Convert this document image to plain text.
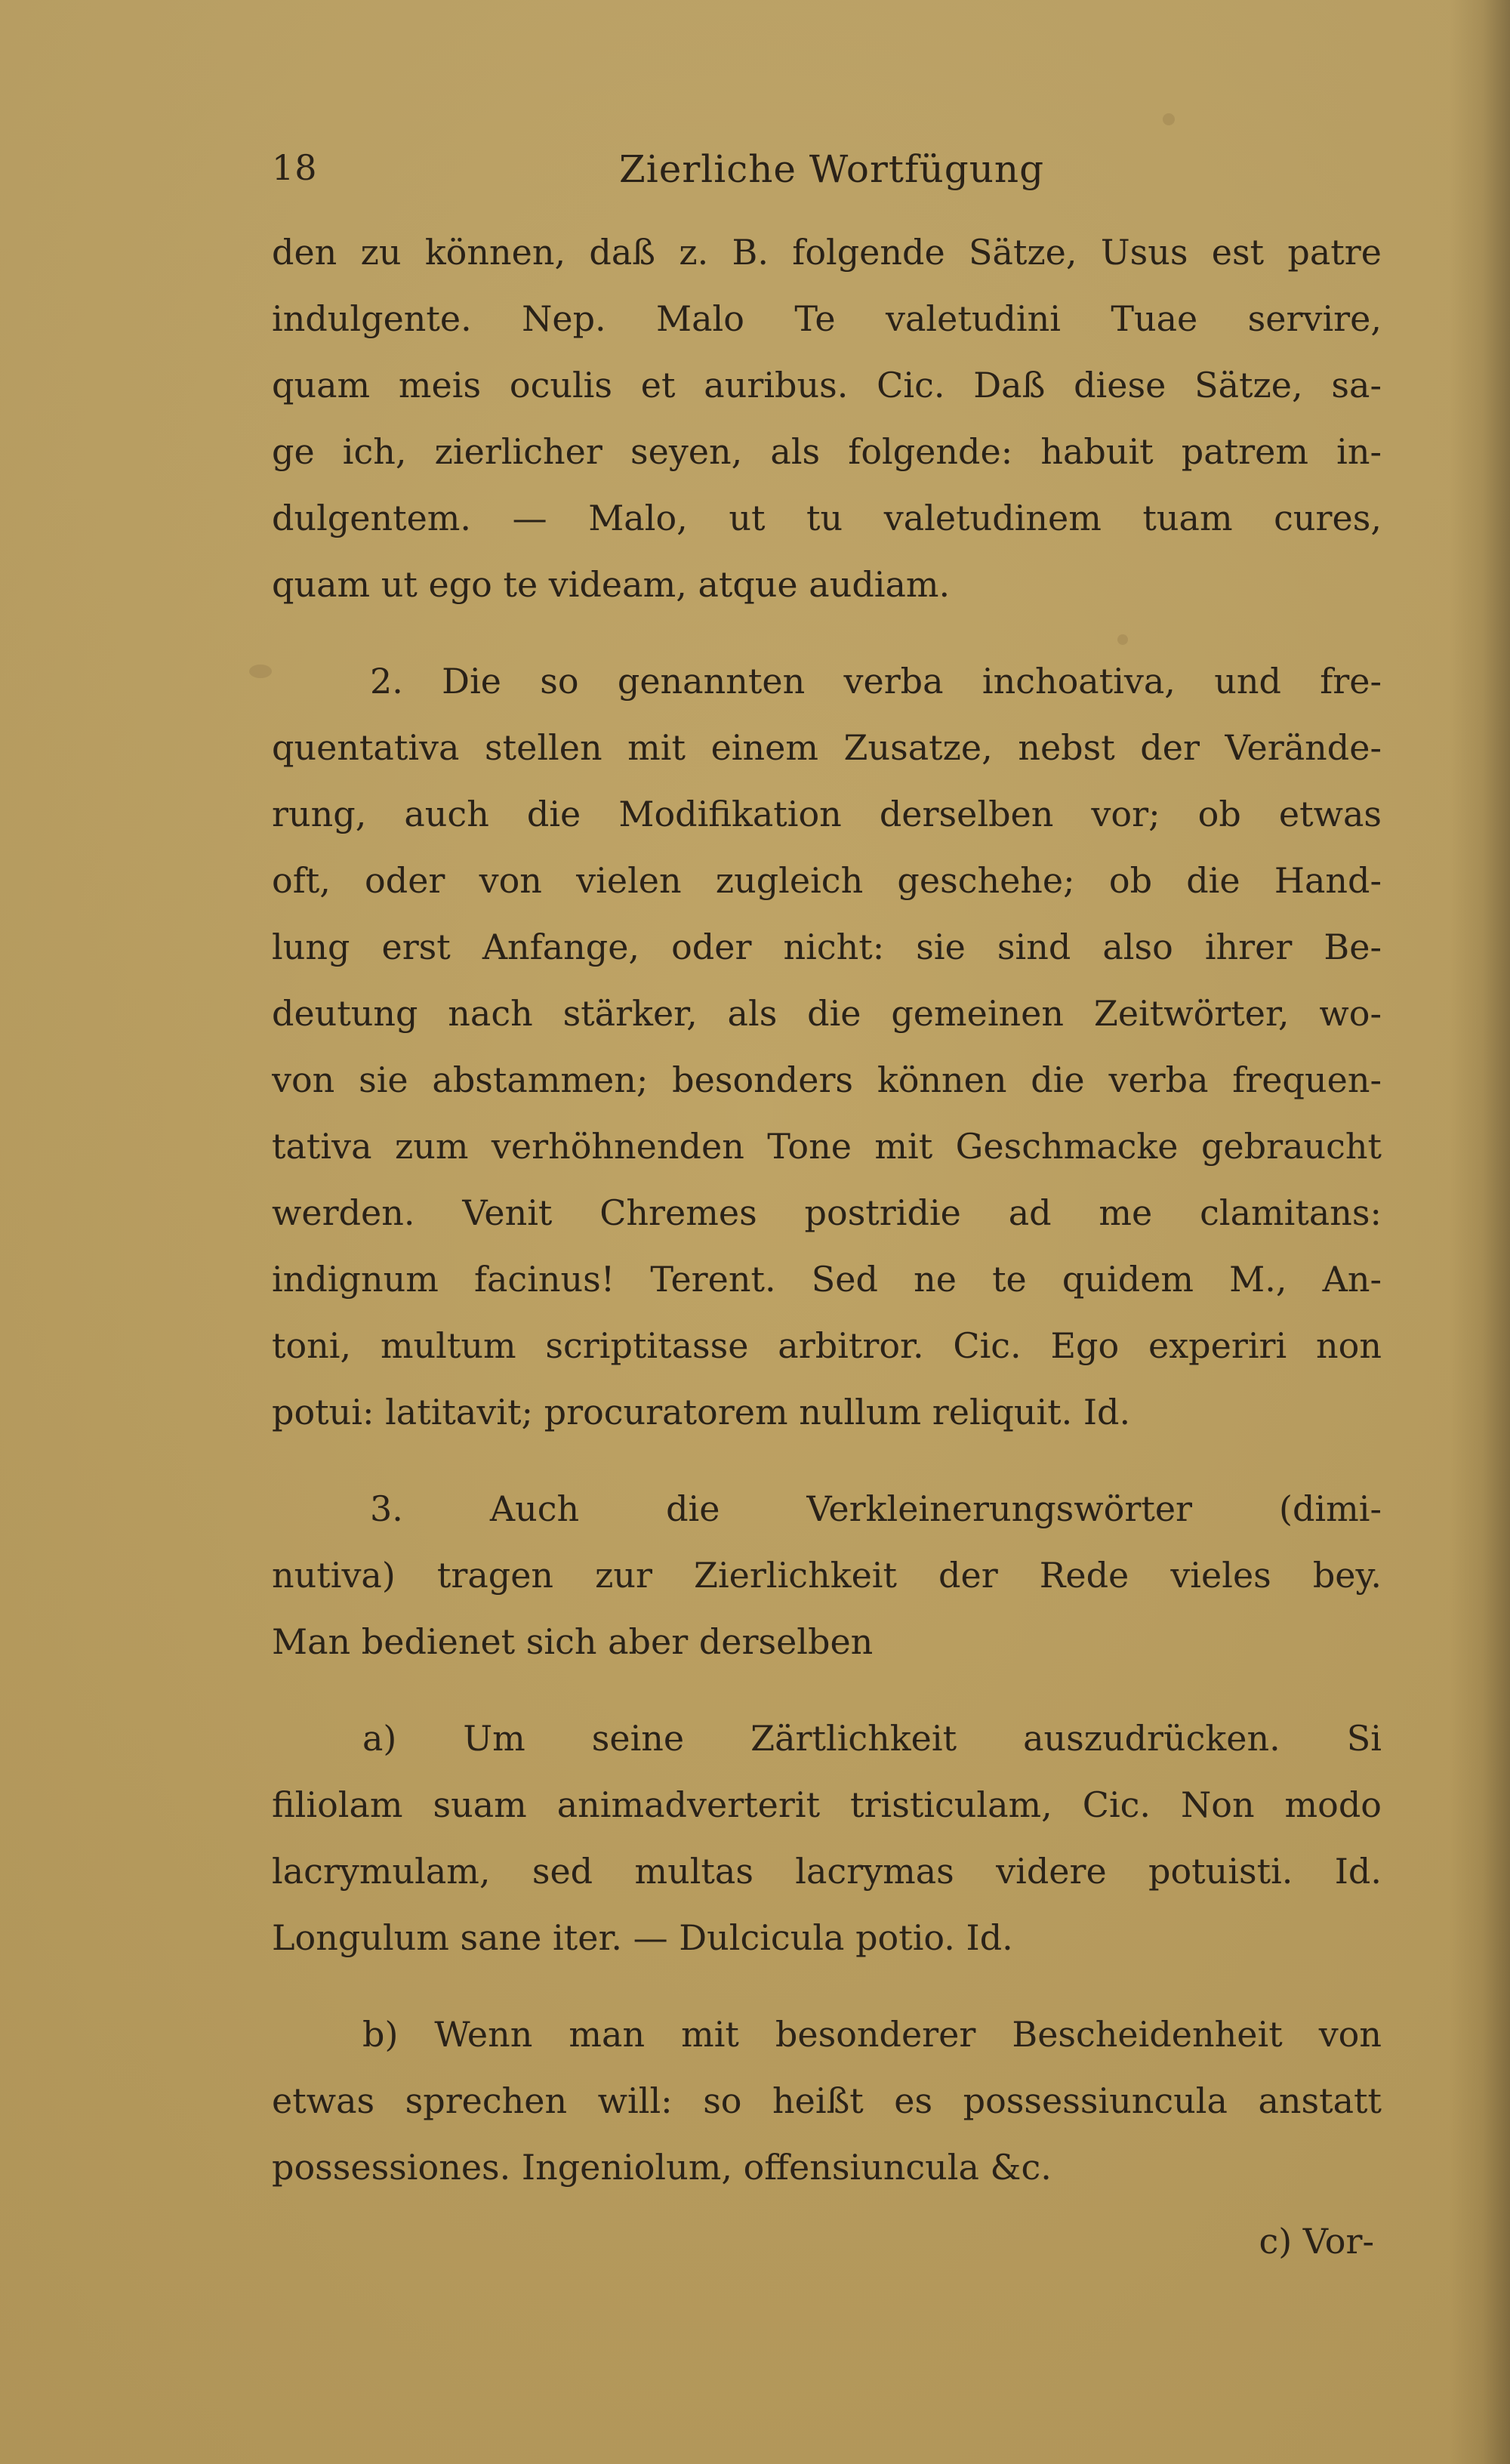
18	Zierliche Wortfügung
den zu können, daß z. B. folgende Sätze, Usus est patre
indulgente. Nep. Malo Te valetudini Tuae servire,
quam meis oculis et auribus. Cic. Daß diese Sätze, sa-
ge ich, zierlicher seyen, als folgende: habuit patrem in-
dulgentem. — Malo, ut tu valetudinem tuam cures,
quam ut ego te videam, atque audiam.
2. Die so genannten verba inchoativa, und fre-
quentativa stellen mit einem Zusatze, nebst der Verände-
rung, auch die Modifikation derselben vor; ob etwas
oft, oder von vielen zugleich geschehe; ob die Hand-
lung erst Anfange, oder nicht: sie sind also ihrer Be-
deutung nach stärker, als die gemeinen Zeitwörter, wo-
von sie abstammen; besonders können die verba frequen-
tativa zum verhöhnenden Tone mit Geschmacke gebraucht
werden. Venit Chremes postridie ad me clamitans:
indignum facinus! Terent. Sed ne te quidem M., An-
toni, multum scriptitasse arbitror. Cic. Ego experiri non
potui: latitavit; procuratorem nullum reliquit. Id.
3. Auch die Verkleinerungswörter (dimi-
nutiva) tragen zur Zierlichkeit der Rede vieles bey.
Man bedienet sich aber derselben
a) Um seine Zärtlichkeit auszudrücken. Si
filiolam suam animadverterit tristiculam, Cic. Non modo
lacrymulam, sed multas lacrymas videre potuisti. Id.
Longulum sane iter. — Dulcicula potio. Id.
b) Wenn man mit besonderer Bescheidenheit von
etwas sprechen will: so heißt es possessiuncula anstatt
possessiones. Ingeniolum, offensiuncula &c.
c) Vor-
